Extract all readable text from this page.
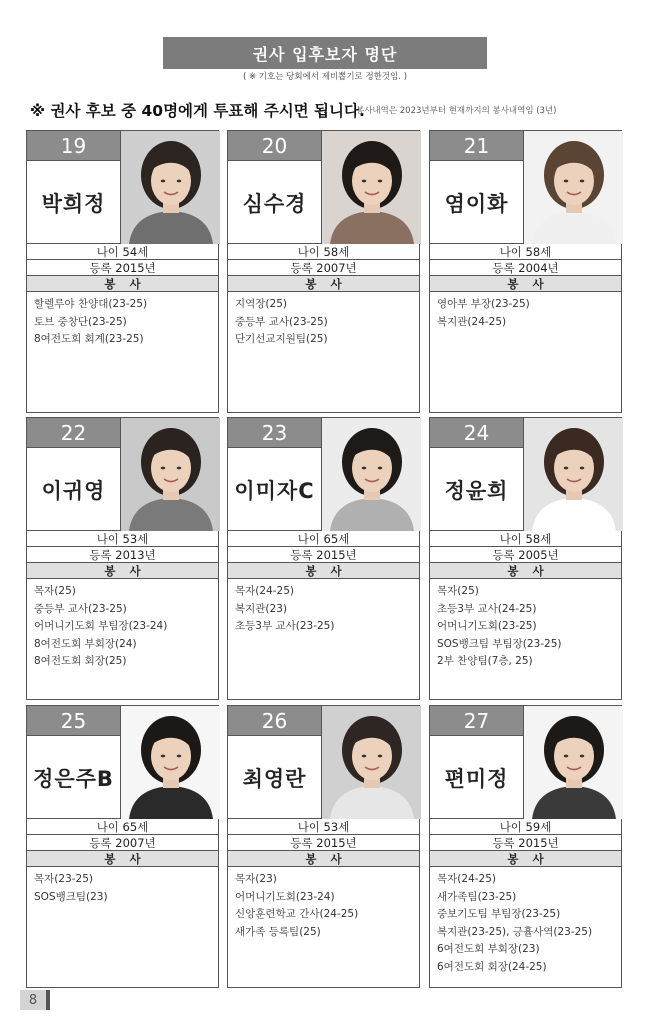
권사 입후보자 명단
( ※ 기호는 당회에서 제비뽑기로 정한것임. )
※ 권사 후보 중 40명에게 투표해 주시면 됩니다.
봉사내역은 2023년부터 현재까지의 봉사내역임 (3년)
19
박희정
나이 54세
등록 2015년
봉사
할렐루야 찬양대(23-25)
토브 중창단(23-25)
8여전도회 회계(23-25)
20
심수경
나이 58세
등록 2007년
봉사
지역장(25)
중등부 교사(23-25)
단기선교지원팀(25)
21
염이화
나이 58세
등록 2004년
봉사
영아부 부장(23-25)
복지관(24-25)
22
이귀영
나이 53세
등록 2013년
봉사
목자(25)
중등부 교사(23-25)
어머니기도회 부팀장(23-24)
8여전도회 부회장(24)
8여전도회 회장(25)
23
이미자C
나이 65세
등록 2015년
봉사
목자(24-25)
복지관(23)
초등3부 교사(23-25)
24
정윤희
나이 58세
등록 2005년
봉사
목자(25)
초등3부 교사(24-25)
어머니기도회(23-25)
SOS뱅크팀 부팀장(23-25)
2부 찬양팀(7층, 25)
25
정은주B
나이 65세
등록 2007년
봉사
목자(23-25)
SOS뱅크팀(23)
26
최영란
나이 53세
등록 2015년
봉사
목자(23)
어머니기도회(23-24)
신앙훈련학교 간사(24-25)
새가족 등록팀(25)
27
편미정
나이 59세
등록 2015년
봉사
목자(24-25)
새가족팀(23-25)
중보기도팀 부팀장(23-25)
복지관(23-25), 긍휼사역(23-25)
6여전도회 부회장(23)
6여전도회 회장(24-25)
8
